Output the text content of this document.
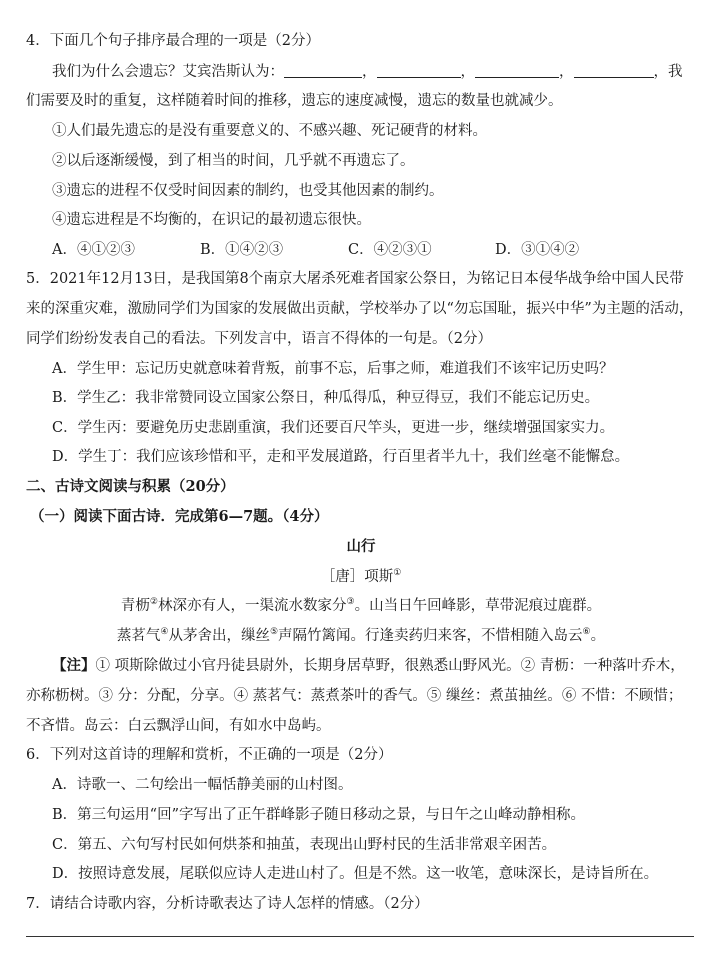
4．下面几个句子排序最合理的一项是（2分）
我们为什么会遗忘？艾宾浩斯认为：	，	，	，	，我
们需要及时的重复，这样随着时间的推移，遗忘的速度减慢，遗忘的数量也就减少。
①人们最先遗忘的是没有重要意义的、不感兴趣、死记硬背的材料。
②以后逐渐缓慢，到了相当的时间，几乎就不再遗忘了。
③遗忘的进程不仅受时间因素的制约，也受其他因素的制约。
④遗忘进程是不均衡的，在识记的最初遗忘很快。
A．④①②③	B．①④②③	C．④②③①	D．③①④②
5．2021年12月13日，是我国第8个南京大屠杀死难者国家公祭日，为铭记日本侵华战争给中国人民带
来的深重灾难，激励同学们为国家的发展做出贡献，学校举办了以“勿忘国耻，振兴中华”为主题的活动，
同学们纷纷发表自己的看法。下列发言中，语言不得体的一句是。（2分）
A．学生甲：忘记历史就意味着背叛，前事不忘，后事之师，难道我们不该牢记历史吗？
B．学生乙：我非常赞同设立国家公祭日，种瓜得瓜，种豆得豆，我们不能忘记历史。
C．学生丙：要避免历史悲剧重演，我们还要百尺竿头，更进一步，继续增强国家实力。
D．学生丁：我们应该珍惜和平，走和平发展道路，行百里者半九十，我们丝毫不能懈怠。
二、古诗文阅读与积累（20分）
（一）阅读下面古诗．完成第6—7题。（4分）
山行
［唐］项斯①
青枥②林深亦有人，一渠流水数家分③。山当日午回峰影，草带泥痕过鹿群。
蒸茗气④从茅舍出，缫丝⑤声隔竹篱闻。行逢卖药归来客，不惜相随入岛云⑥。
【注】① 项斯除做过小官丹徒县尉外，长期身居草野，很熟悉山野风光。② 青枥：一种落叶乔木，
亦称枥树。③ 分：分配，分享。④ 蒸茗气：蒸煮茶叶的香气。⑤ 缫丝：煮茧抽丝。⑥ 不惜：不顾惜；
不吝惜。岛云：白云飘浮山间，有如水中岛屿。
6．下列对这首诗的理解和赏析，不正确的一项是（2分）
A．诗歌一、二句绘出一幅恬静美丽的山村图。
B．第三句运用“回”字写出了正午群峰影子随日移动之景，与日午之山峰动静相称。
C．第五、六句写村民如何烘茶和抽茧，表现出山野村民的生活非常艰辛困苦。
D．按照诗意发展，尾联似应诗人走进山村了。但是不然。这一收笔，意味深长，是诗旨所在。
7．请结合诗歌内容，分析诗歌表达了诗人怎样的情感。（2分）
